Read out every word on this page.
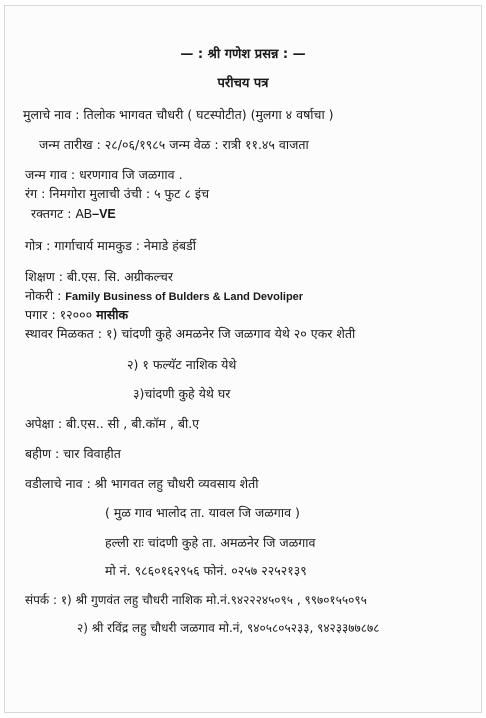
— : श्री गणेश प्रसन्न : —
परीचय पत्र
मुलाचे नाव : तिलोक भागवत चौधरी ( घटस्पोटीत) (मुलगा ४ वर्षाचा )
जन्म तारीख : २८/०६/१९८५ जन्म वेळ : रात्री ११.४५ वाजता
जन्म गाव : धरणगाव जि जळगाव .
रंग : निमगोरा मुलाची उंची : ५ फुट ८ इंच
रक्तगट : AB–VE
गोत्र : गार्गाचार्य मामकुड : नेमाडे हंबर्डी
शिक्षण : बी.एस. सि. अग्रीकल्चर
नोकरी : Family Business of Bulders & Land Devoliper
पगार : १२००० मासीक
स्थावर मिळकत : १) चांदणी कुहे अमळनेर जि जळगाव येथे २० एकर शेती
२) १ फल्यॅट नाशिक येथे
३)चांदणी कुहे येथे घर
अपेक्षा : बी.एस.. सी , बी.कॉम , बी.ए
बहीण : चार विवाहीत
वडीलाचे नाव : श्री भागवत लहु चौधरी व्यवसाय शेती
( मुळ गाव भालोद ता. यावल जि जळगाव )
हल्ली राः चांदणी कुहे ता. अमळनेर जि जळगाव
मो नं. ९८६०१६२९५६ फोनं. ०२५७ २२५२१३९
संपर्क : १) श्री गुणवंत लहु चौधरी नाशिक मो.नं.९४२२२४५०९५ , ९९७०१५५०९५
२) श्री रविंद्र लहु चौधरी जळगाव मो.नं, ९४०५८०५२३३, ९४२३३७७८७८
